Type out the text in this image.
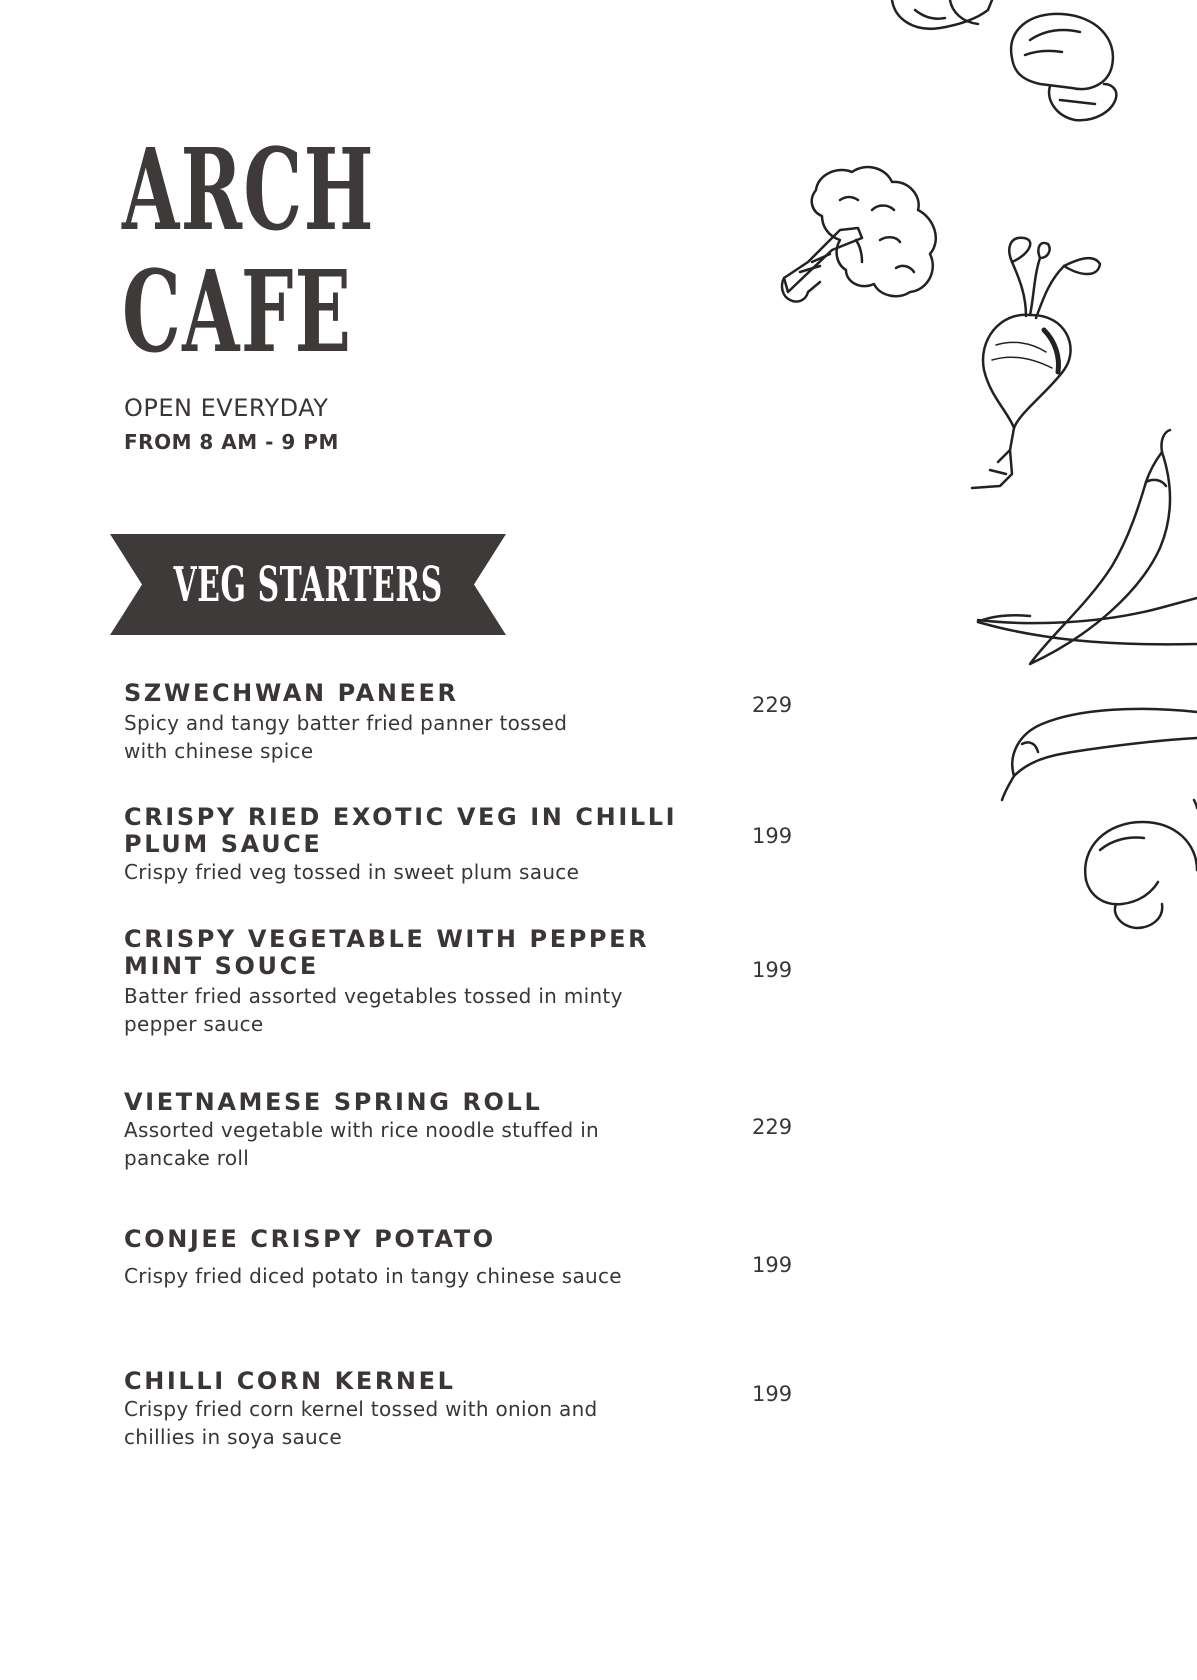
ARCH
CAFE
OPEN EVERYDAY
FROM 8 AM - 9 PM
VEG STARTERS
SZWECHWAN PANEER
Spicy and tangy batter fried panner tossed
with chinese spice
229
CRISPY RIED EXOTIC VEG IN CHILLI
PLUM SAUCE
Crispy fried veg tossed in sweet plum sauce
199
CRISPY VEGETABLE WITH PEPPER
MINT SOUCE
Batter fried assorted vegetables tossed in minty
pepper sauce
199
VIETNAMESE SPRING ROLL
Assorted vegetable with rice noodle stuffed in
pancake roll
229
CONJEE CRISPY POTATO
Crispy fried diced potato in tangy chinese sauce	199
CHILLI CORN KERNEL
Crispy fried corn kernel tossed with onion and
chillies in soya sauce
199
